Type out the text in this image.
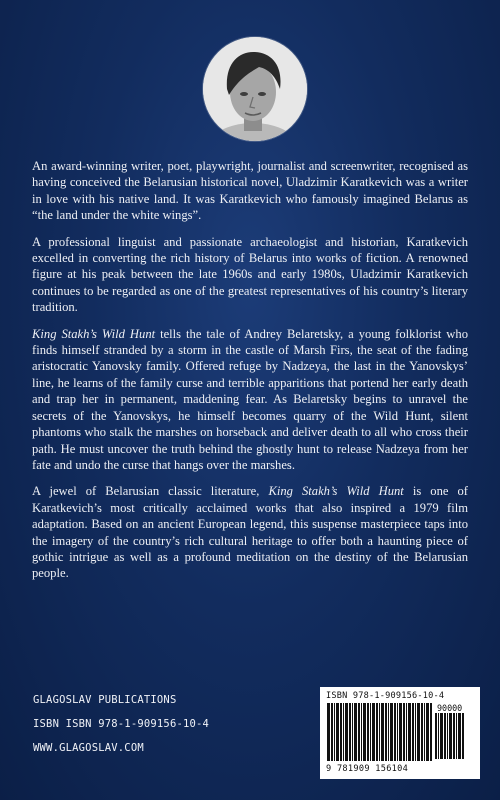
An award-winning writer, poet, playwright, journalist and screenwriter, recognised as having conceived the Belarusian historical novel, Uladzimir Karatkevich was a writer in love with his native land. It was Karatkevich who famously imagined Belarus as “the land under the white wings”.

A professional linguist and passionate archaeologist and historian, Karatkevich excelled in converting the rich history of Belarus into works of fiction. A renowned figure at his peak between the late 1960s and early 1980s, Uladzimir Karatkevich continues to be regarded as one of the greatest representatives of his country’s literary tradition.

King Stakh’s Wild Hunt tells the tale of Andrey Belaretsky, a young folklorist who finds himself stranded by a storm in the castle of Marsh Firs, the seat of the fading aristocratic Yanovsky family. Offered refuge by Nadzeya, the last in the Yanovskys’ line, he learns of the family curse and terrible apparitions that portend her early death and trap her in permanent, maddening fear. As Belaretsky begins to unravel the secrets of the Yanovskys, he himself becomes quarry of the Wild Hunt, silent phantoms who stalk the marshes on horseback and deliver death to all who cross their path. He must uncover the truth behind the ghostly hunt to release Nadzeya from her fate and undo the curse that hangs over the marshes.

A jewel of Belarusian classic literature, King Stakh’s Wild Hunt is one of Karatkevich’s most critically acclaimed works that also inspired a 1979 film adaptation. Based on an ancient European legend, this suspense masterpiece taps into the imagery of the country’s rich cultural heritage to offer both a haunting piece of gothic intrigue as well as a profound meditation on the destiny of the Belarusian people.

GLAGOSLAV PUBLICATIONS
ISBN ISBN 978-1-909156-10-4
WWW.GLAGOSLAV.COM
ISBN 978-1-909156-10-4
90000
9 781909 156104
